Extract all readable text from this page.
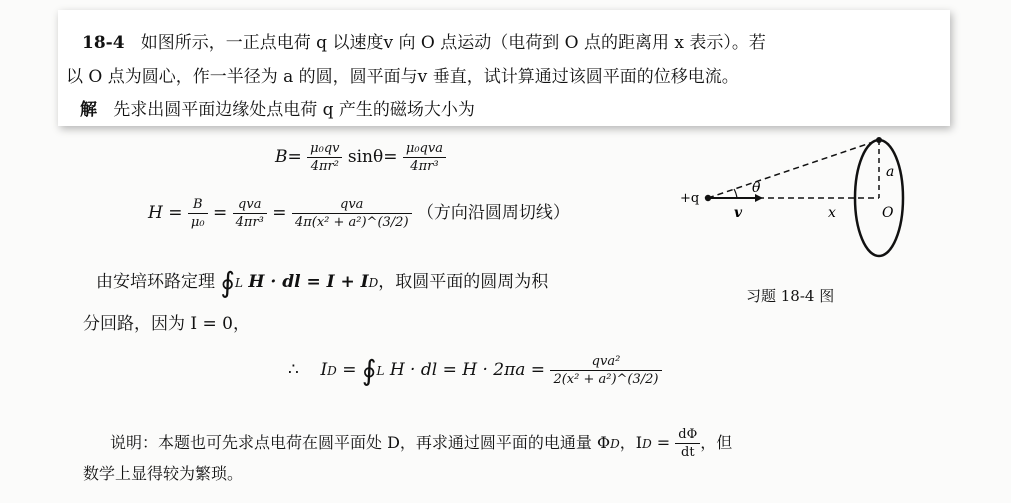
18-4 如图所示，一正点电荷 q 以速度v 向 O 点运动（电荷到 O 点的距离用 x 表示）。若
以 O 点为圆心，作一半径为 a 的圆，圆平面与v 垂直，试计算通过该圆平面的位移电流。
解 先求出圆平面边缘处点电荷 q 产生的磁场大小为
$B= \frac{\text{μ₀qv}}{\text{4πr²}} \sin\theta= \frac{\text{μ₀qva}}{\text{4πr³}}$
$H = \frac{B}{\text{μ₀}} = \frac{\text{qva}}{\text{4πr³}} = \frac{\text{qva}}{\text{4π(x² + a²)\textasciicircum{}(3/2)}}$ （方向沿圆周切线）
由安培环路定理 ∮L H · dl = I + ID，取圆平面的圆周为积
分回路，因为 I = 0，
∴ ID = ∮L H · dl = $H \cdot 2\pi a = \frac{\text{qva²}}{\text{2(x² + a²)\textasciicircum{}(3/2)}}$
说明：本题也可先求点电荷在圆平面处 D，再求通过圆平面的电通量 ΦD，ID = $\frac{d\Phi}{dt}$ ，但
数学上显得较为繁琐。
+q
θ
v	x
a
O
习题 18-4 图
